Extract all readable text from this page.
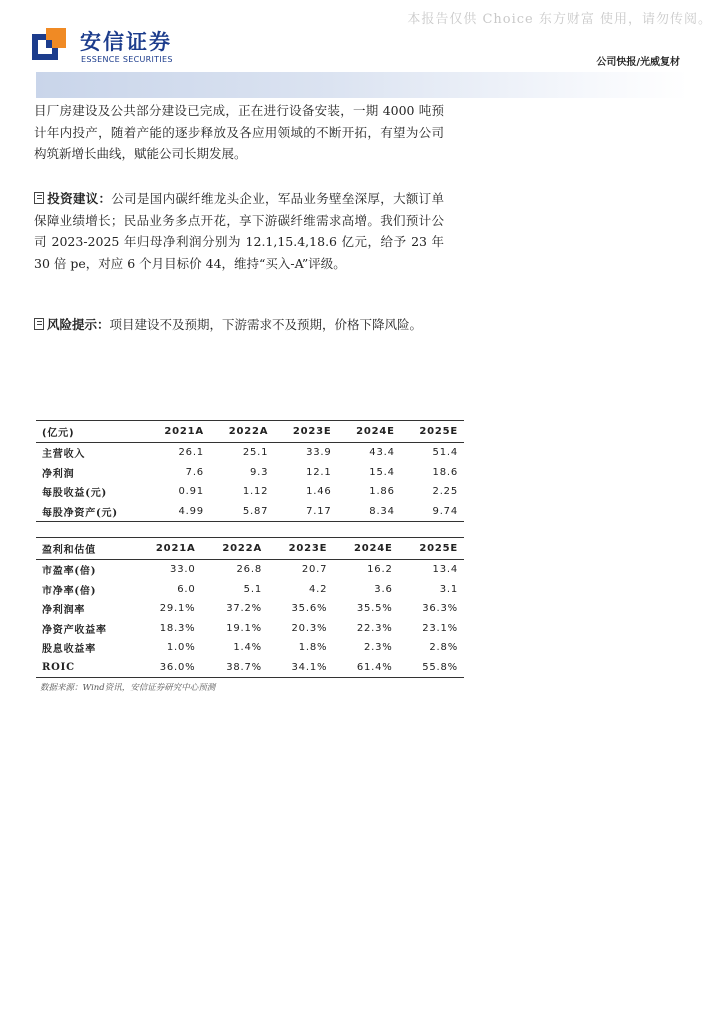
本报告仅供 Choice 东方财富 使用，请勿传阅。
安信证券
ESSENCE SECURITIES	公司快报/光威复材

目厂房建设及公共部分建设已完成，正在进行设备安装，一期 4000 吨预计年内投产，随着产能的逐步释放及各应用领域的不断开拓，有望为公司构筑新增长曲线，赋能公司长期发展。

投资建议：公司是国内碳纤维龙头企业，军品业务壁垒深厚，大额订单保障业绩增长；民品业务多点开花，享下游碳纤维需求高增。我们预计公司 2023-2025 年归母净利润分别为 12.1,15.4,18.6 亿元，给予 23 年 30 倍 pe，对应 6 个月目标价 44，维持“买入-A”评级。

风险提示：项目建设不及预期，下游需求不及预期，价格下降风险。

(亿元)	2021A	2022A	2023E	2024E	2025E
主营收入	26.1	25.1	33.9	43.4	51.4
净利润	7.6	9.3	12.1	15.4	18.6
每股收益(元)	0.91	1.12	1.46	1.86	2.25
每股净资产(元)	4.99	5.87	7.17	8.34	9.74
盈利和估值	2021A	2022A	2023E	2024E	2025E
市盈率(倍)	33.0	26.8	20.7	16.2	13.4
市净率(倍)	6.0	5.1	4.2	3.6	3.1
净利润率	29.1%	37.2%	35.6%	35.5%	36.3%
净资产收益率	18.3%	19.1%	20.3%	22.3%	23.1%
股息收益率	1.0%	1.4%	1.8%	2.3%	2.8%
ROIC	36.0%	38.7%	34.1%	61.4%	55.8%
数据来源：Wind资讯，安信证券研究中心预测
